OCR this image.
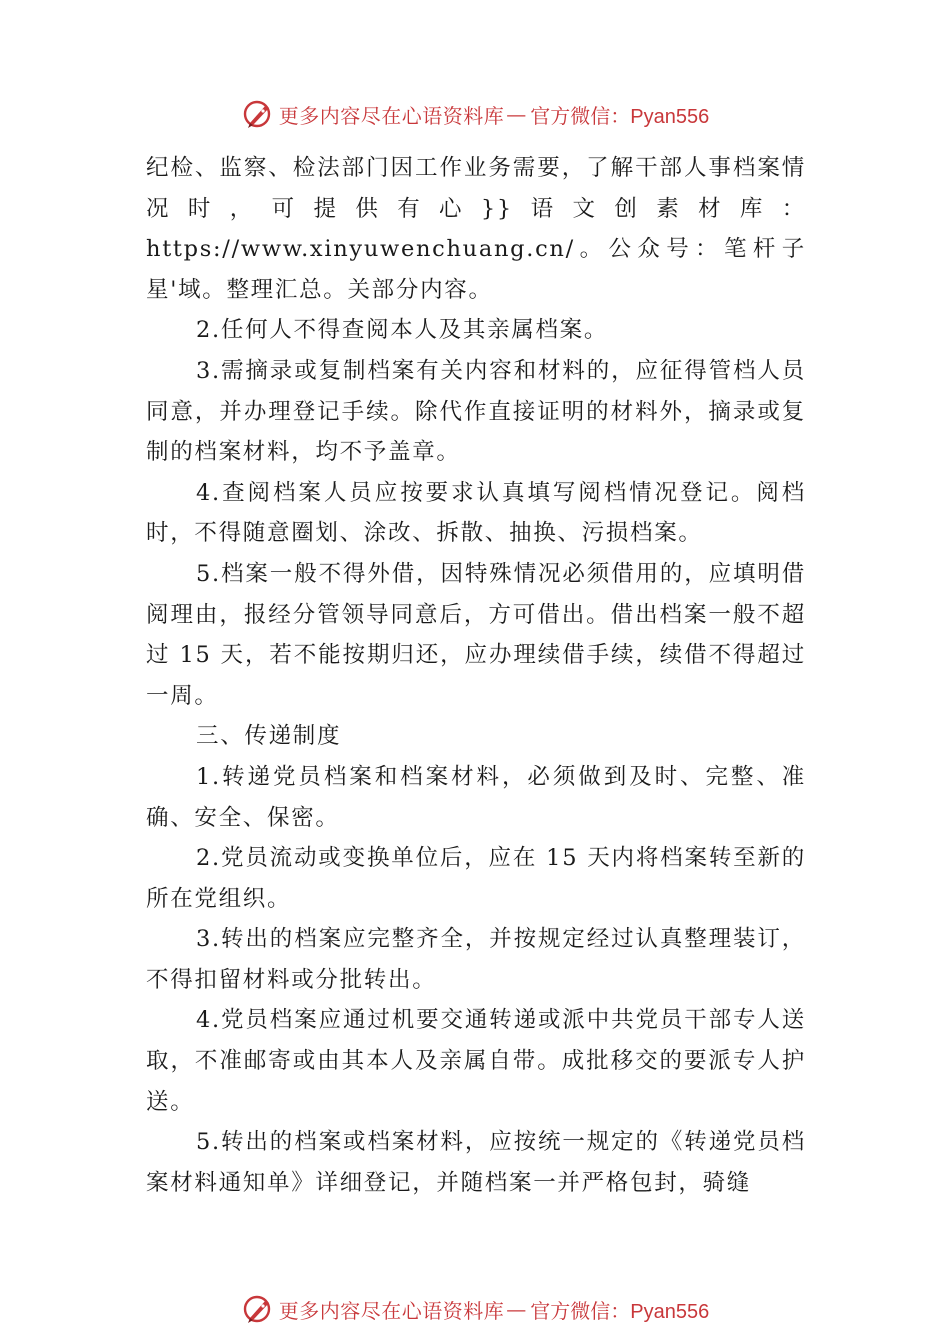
更多内容尽在心语资料库 — 官方微信：Pyan556

纪检、监察、检法部门因工作业务需要，了解干部人事档案情况时，可提供有心}}语文创素材库：https://www.xinyuwenchuang.cn/。公众号：笔杆子星'域。整理汇总。关部分内容。

2.任何人不得查阅本人及其亲属档案。

3.需摘录或复制档案有关内容和材料的，应征得管档人员同意，并办理登记手续。除代作直接证明的材料外，摘录或复制的档案材料，均不予盖章。

4.查阅档案人员应按要求认真填写阅档情况登记。阅档时，不得随意圈划、涂改、拆散、抽换、污损档案。

5.档案一般不得外借，因特殊情况必须借用的，应填明借阅理由，报经分管领导同意后，方可借出。借出档案一般不超过 15 天，若不能按期归还，应办理续借手续，续借不得超过一周。

三、传递制度

1.转递党员档案和档案材料，必须做到及时、完整、准确、安全、保密。

2.党员流动或变换单位后，应在 15 天内将档案转至新的所在党组织。

3.转出的档案应完整齐全，并按规定经过认真整理装订，不得扣留材料或分批转出。

4.党员档案应通过机要交通转递或派中共党员干部专人送取，不准邮寄或由其本人及亲属自带。成批移交的要派专人护送。

5.转出的档案或档案材料，应按统一规定的《转递党员档案材料通知单》详细登记，并随档案一并严格包封，骑缝

更多内容尽在心语资料库 — 官方微信：Pyan556
